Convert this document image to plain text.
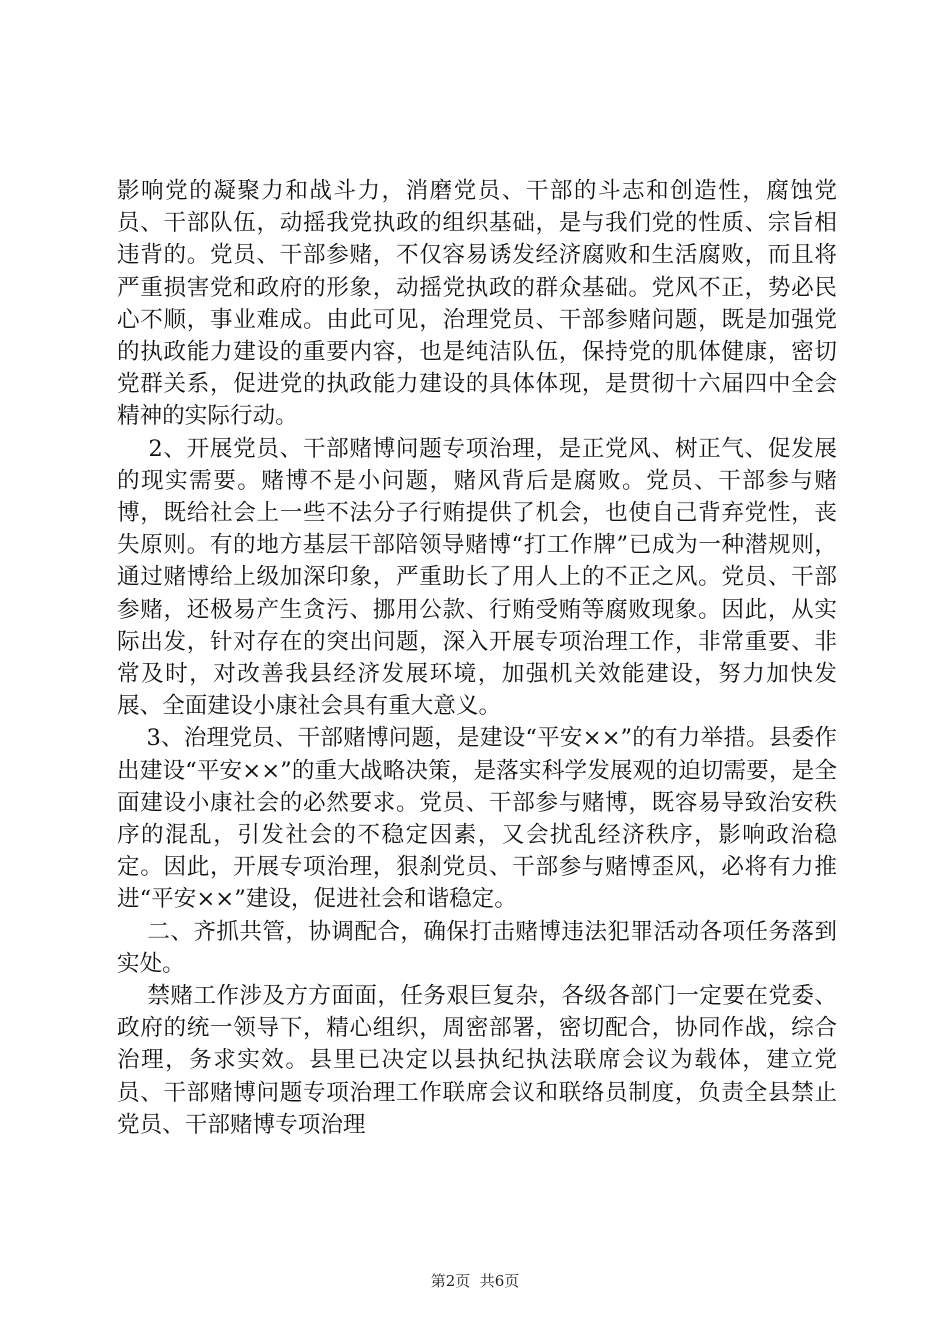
影响党的凝聚力和战斗力，消磨党员、干部的斗志和创造性，腐蚀党员、干部队伍，动摇我党执政的组织基础，是与我们党的性质、宗旨相违背的。党员、干部参赌，不仅容易诱发经济腐败和生活腐败，而且将严重损害党和政府的形象，动摇党执政的群众基础。党风不正，势必民心不顺，事业难成。由此可见，治理党员、干部参赌问题，既是加强党的执政能力建设的重要内容，也是纯洁队伍，保持党的肌体健康，密切党群关系，促进党的执政能力建设的具体体现，是贯彻十六届四中全会精神的实际行动。

2、开展党员、干部赌博问题专项治理，是正党风、树正气、促发展的现实需要。赌博不是小问题，赌风背后是腐败。党员、干部参与赌博，既给社会上一些不法分子行贿提供了机会，也使自己背弃党性，丧失原则。有的地方基层干部陪领导赌博“打工作牌”已成为一种潜规则，通过赌博给上级加深印象，严重助长了用人上的不正之风。党员、干部参赌，还极易产生贪污、挪用公款、行贿受贿等腐败现象。因此，从实际出发，针对存在的突出问题，深入开展专项治理工作，非常重要、非常及时，对改善我县经济发展环境，加强机关效能建设，努力加快发展、全面建设小康社会具有重大意义。

3、治理党员、干部赌博问题，是建设“平安××”的有力举措。县委作出建设“平安××”的重大战略决策，是落实科学发展观的迫切需要，是全面建设小康社会的必然要求。党员、干部参与赌博，既容易导致治安秩序的混乱，引发社会的不稳定因素，又会扰乱经济秩序，影响政治稳定。因此，开展专项治理，狠刹党员、干部参与赌博歪风，必将有力推进“平安××”建设，促进社会和谐稳定。

二、齐抓共管，协调配合，确保打击赌博违法犯罪活动各项任务落到实处。

禁赌工作涉及方方面面，任务艰巨复杂，各级各部门一定要在党委、政府的统一领导下，精心组织，周密部署，密切配合，协同作战，综合治理，务求实效。县里已决定以县执纪执法联席会议为载体，建立党员、干部赌博问题专项治理工作联席会议和联络员制度，负责全县禁止党员、干部赌博专项治理

第2页  共6页
